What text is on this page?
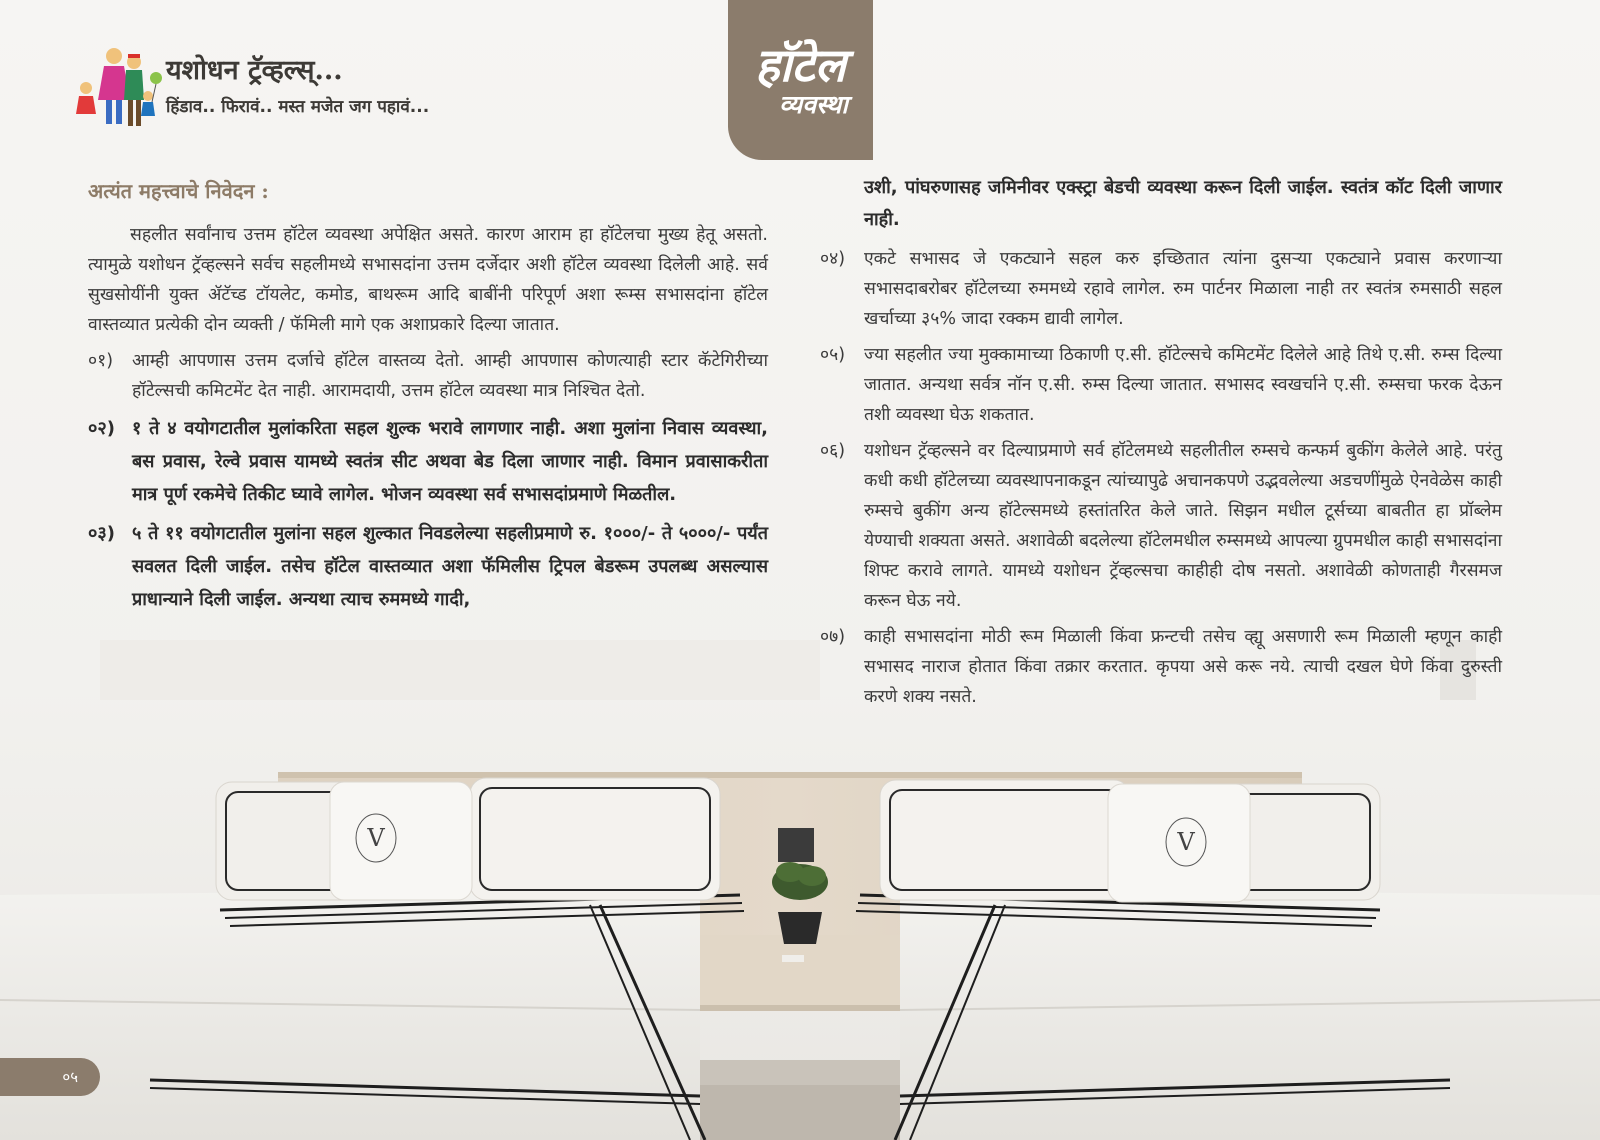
V	V
यशोधन ट्रॅव्हल्स्...
हिंडाव.. फिरावं.. मस्त मजेत जग पहावं...
हॉटेल
व्यवस्था
अत्यंत महत्त्वाचे निवेदन :

सहलीत सर्वांनाच उत्तम हॉटेल व्यवस्था अपेक्षित असते. कारण आराम हा हॉटेलचा मुख्य हेतू असतो. त्यामुळे यशोधन ट्रॅव्हल्सने सर्वच सहलीमध्ये सभासदांना उत्तम दर्जेदार अशी हॉटेल व्यवस्था दिलेली आहे. सर्व सुखसोयींनी युक्त ॲटॅच्ड टॉयलेट, कमोड, बाथरूम आदि बाबींनी परिपूर्ण अशा रूम्स सभासदांना हॉटेल वास्तव्यात प्रत्येकी दोन व्यक्ती / फॅमिली मागे एक अशाप्रकारे दिल्या जातात.

०१)	आम्ही आपणास उत्तम दर्जाचे हॉटेल वास्तव्य देतो. आम्ही आपणास कोणत्याही स्टार कॅटेगिरीच्या हॉटेल्सची कमिटमेंट देत नाही. आरामदायी, उत्तम हॉटेल व्यवस्था मात्र निश्चित देतो.
०२) १ ते ४ वयोगटातील मुलांकरिता सहल शुल्क भरावे लागणार नाही. अशा मुलांना निवास व्यवस्था, बस प्रवास, रेल्वे प्रवास यामध्ये स्वतंत्र सीट अथवा बेड दिला जाणार नाही. विमान प्रवासाकरीता मात्र पूर्ण रकमेचे तिकीट घ्यावे लागेल. भोजन व्यवस्था सर्व सभासदांप्रमाणे मिळतील.
०३) ५ ते ११ वयोगटातील मुलांना सहल शुल्कात निवडलेल्या सहलीप्रमाणे रु. १०००/- ते ५०००/- पर्यंत सवलत दिली जाईल. तसेच हॉटेल वास्तव्यात अशा फॅमिलीस ट्रिपल बेडरूम उपलब्ध असल्यास प्राधान्याने दिली जाईल. अन्यथा त्याच रुममध्ये गादी,

उशी, पांघरुणासह जमिनीवर एक्स्ट्रा बेडची व्यवस्था करून दिली जाईल. स्वतंत्र कॉट दिली जाणार नाही.

०४)	एकटे सभासद जे एकट्याने सहल करु इच्छितात त्यांना दुसऱ्या एकट्याने प्रवास करणाऱ्या सभासदाबरोबर हॉटेलच्या रुममध्ये रहावे लागेल. रुम पार्टनर मिळाला नाही तर स्वतंत्र रुमसाठी सहल खर्चाच्या ३५% जादा रक्कम द्यावी लागेल.
०५)	ज्या सहलीत ज्या मुक्कामाच्या ठिकाणी ए.सी. हॉटेल्सचे कमिटमेंट दिलेले आहे तिथे ए.सी. रुम्स दिल्या जातात. अन्यथा सर्वत्र नॉन ए.सी. रुम्स दिल्या जातात. सभासद स्वखर्चाने ए.सी. रुम्सचा फरक देऊन तशी व्यवस्था घेऊ शकतात.
०६)	यशोधन ट्रॅव्हल्सने वर दिल्याप्रमाणे सर्व हॉटेलमध्ये सहलीतील रुम्सचे कन्फर्म बुकींग केलेले आहे. परंतु कधी कधी हॉटेलच्या व्यवस्थापनाकडून त्यांच्यापुढे अचानकपणे उद्भवलेल्या अडचणींमुळे ऐनवेळेस काही रुम्सचे बुकींग अन्य हॉटेल्समध्ये हस्तांतरित केले जाते. सिझन मधील टूर्सच्या बाबतीत हा प्रॉब्लेम येण्याची शक्यता असते. अशावेळी बदलेल्या हॉटेलमधील रुम्समध्ये आपल्या ग्रुपमधील काही सभासदांना शिफ्ट करावे लागते. यामध्ये यशोधन ट्रॅव्हल्सचा काहीही दोष नसतो. अशावेळी कोणताही गैरसमज करून घेऊ नये.
०७)	काही सभासदांना मोठी रूम मिळाली किंवा फ्रन्टची तसेच व्ह्यू असणारी रूम मिळाली म्हणून काही सभासद नाराज होतात किंवा तक्रार करतात. कृपया असे करू नये. त्याची दखल घेणे किंवा दुरुस्ती करणे शक्य नसते.
०५
